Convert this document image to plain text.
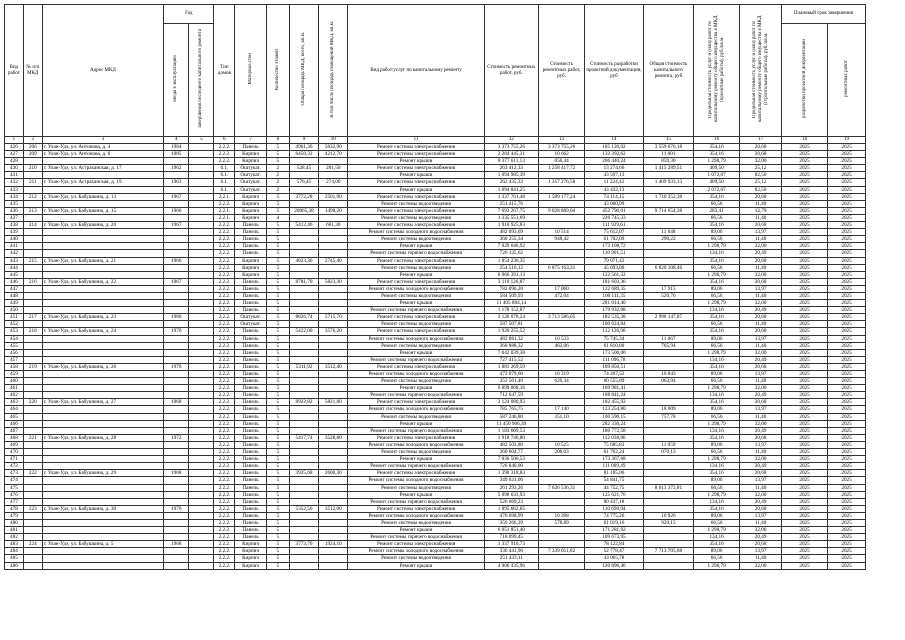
Вид работ	№ п/п МКД	Адрес МКД	Год		Тип домов	Материал стен	Количество этажей	Общая площадь МКД, всего, кв.м.	В том числе площадь помещений МКД, кв.м.	Вид работ/услуг по капитальному ремонту	Стоимость ремонтных работ, руб.	Стоимость ремонтных работ, руб.	Стоимость разработки проектной документации, руб	Общая стоимость капитального ремонта, руб	Предельная стоимость услуг и (или) работ по капитальному ремонту общего имущества в МКД (проектные работы), руб./кв.м.	Предельная стоимость услуг и (или) работ по капитальному ремонту общего имущества в МКД (строительные работы), руб./кв.м.	Плановый срок завершения	
			ввода в эксплуатацию	завершения последнего капитального ремонта													разработки проектной документации	ремонтных работ
1	2	3	4	5	6	7	8	9	10	11	12	13	14	15	16	17	18	19
426	206	г. Улан-Удэ, ул. Антонова, д. 4	1984		2.2.2.	Панель	5	4961,36	5632,90	Ремонт системы электроснабжения	3 373 755,26	3 373 755,26	185 120,92	3 559 076,18	354,16	20,68	2025	2025
427	209	г. Улан-Удэ, ул. Антонова, д. 6	1985		2.2.2.	Кирпич	5	6450,32	4212,70	Ремонт системы электроснабжения	2 284 445,31	10 662	132 392,62	11 001	354,16	20,68	2025	2025
428					2.2.2.	Кирпич	5			Ремонт крыши	8 377 611,13	056,44	206 440,24	859,30	1 298,79	32,00	2025	2025
430	210	г. Улан-Удэ, ул. Астраханская, д. 17	1962		6.1.	Оштукат.	2	528,45	261,50	Ремонт системы электроснабжения	263 412,33	1 258 417,72	13 274,66	1 415 289,51	409,50	25,12	2025	2025
431					6.1.	Оштукат.	2			Ремонт крыши	1 094 985,39		43 597,13		1 072,07	82,50	2025	2025
432	211	г. Улан-Удэ, ул. Астраханская, д. 19	1963		6.1.	Оштукат.	2	576,45	274,00	Ремонт системы электроснабжения	262 435,33	1 357 276,58	11 224,42	1 409 933,13	409,50	25,12	2025	2025
433					6.1.	Оштукат.	2			Ремонт крыши	1 094 841,25		43 432,13		2 072,07	82,50	2025	2025
434	212	г. Улан-Удэ, ул. Бабушкина, д. 13	1967		2.2.1.	Кирпич	5	3772,28	2561,90	Ремонт системы электроснабжения	1 337 761,48	1 589 177,24	74 114,15	1 710 352,38	354,16	20,68	2025	2025
435					2.2.2.	Кирпич	5			Ремонт системы водоотведения	251 415,76		43 060,99		66,56	11,40	2025	2025
436	213	г. Улан-Удэ, ул. Бабушкина, д. 15	1966		2.2.1.	Кирпич	5	20065,38	1498,20	Ремонт системы электроснабжения	7 693 267,75	9 028 889,04	452 790,01	9 714 654,38	283,41	12,79	2025	2025
437					2.2.1.	Кирпич	4			Ремонт системы водоотведения	1 335 551,69		226 745,33		66,56	11,40	2025	2025
438	214	г. Улан-Удэ, ул. Бабушкина, д. 20	1967		2.2.2.	Панель	5	5412,46	661,30	Ремонт системы электроснабжения	1 916 925,83		111 929,61		354,16	20,68	2025	2025
439					2.2.2.	Панель	5			Ремонт системы холодного водоснабжения	482 093,69	10 514	75 612,07	11 648	89,06	13,97	2025	2025
440					2.2.2.	Панель	5			Ремонт системы водоотведения	360 255,34	948,42	61 702,09	290,22	66,56	11,40	2025	2025
441					2.2.2.	Панель	5			Ремонт крыши	7 029 646,92		173 108,72		1 298,79	32,00	2025	2025
442					2.2.2.	Панель	5			Ремонт системы горячего водоснабжения	726 135,62		110 901,51		134,16	20,49	2025	2025
443	215	г. Улан-Удэ, ул. Бабушкина, д. 21	1966		2.2.2.	Кирпич	5	4823,36	2745,40	Ремонт системы электроснабжения	1 854 236,35		79 071,42		354,16	20,68	2025	2025
444					2.2.2.	Кирпич	5			Ремонт системы водоотведения	254 516,12	6 875 163,31	45 693,00	6 820 108,46	66,56	11,40	2025	2025
445					2.2.2.	Кирпич	5			Ремонт крыши	6 966 391,13		122 561,32		1 298,79	32,00	2025	2025
446	216	г. Улан-Удэ, ул. Бабушкина, д. 22	1967		2.2.2.	Панель	5	8781,70	5823,30	Ремонт системы электроснабжения	3 110 126,87		181 603,36		354,16	20,68	2025	2025
447					2.2.2.	Панель	5			Ремонт системы холодного водоснабжения	782 096,20	17 060	122 689,35	17 915	89,06	13,97	2025	2025
448					2.2.2.	Панель	5			Ремонт системы водоотведения	584 509,93	472,04	100 111,35	520,76	66,56	11,40	2025	2025
449					2.2.2.	Панель	5			Ремонт крыши	11 405 884,14		281 014,40		1 298,79	32,00	2025	2025
450					2.2.2.	Панель	5			Ремонт системы горячего водоснабжения	1 178 152,87		179 932,08		134,16	20,49	2025	2025
451	217	г. Улан-Удэ, ул. Бабушкина, д. 23	1980		2.2.2.	Оштукат.	5	8826,74	5715,70	Ремонт системы электроснабжения	3 126 078,24	3 713 586,05	182 535,38	2 998 147,87	354,16	20,68	2025	2025
452					2.2.2.	Оштукат.	5			Ремонт системы водоотведения	587 507,81		100 624,84		66,56	11,40	2025	2025
453	218	г. Улан-Удэ, ул. Бабушкина, д. 24	1970		2.2.2.	Панель	5	5422,00	3576,20	Ремонт системы электроснабжения	1 920 255,52		112 126,96		354,16	20,68	2025	2025
454					2.2.2.	Панель	5			Ремонт системы холодного водоснабжения	482 881,32	10 533	75 745,34	11 067	89,06	13,97	2025	2025
455					2.2.2.	Панель	5			Ремонт системы водоотведения	360 888,32	462,06	61 810,80	765,94	66,56	11,40	2025	2025
456					2.2.2.	Панель	5			Ремонт крыши	7 042 039,38		173 500,00		1 298,79	32,00	2025	2025
457					2.2.2.	Панель	5			Ремонт системы горячего водоснабжения	727 415,52		111 096,78		134,16	20,49	2025	2025
458	219	г. Улан-Удэ, ул. Бабушкина, д. 26	1970		2.2.2.	Панель	5	5311,92	3512,40	Ремонт системы электроснабжения	1 881 269,59		109 850,51		354,16	20,68	2025	2025
459					2.2.2.	Панель	5			Ремонт системы холодного водоснабжения	473 079,60	10 319	74 207,52	10 843	89,06	13,97	2025	2025
460					2.2.2.	Панель	5			Ремонт системы водоотведения	353 561,40	626,34	60 555,89	063,94	66,56	11,40	2025	2025
461					2.2.2.	Панель	5			Ремонт крыши	6 899 068,16		169 981,41		1 298,79	32,00	2025	2025
462					2.2.2.	Панель	5			Ремонт системы горячего водоснабжения	712 647,59		108 841,24		134,16	20,49	2025	2025
463	220	г. Улан-Удэ, ул. Бабушкина, д. 27	1968		2.2.2.	Панель	5	8922,82	5821,80	Ремонт системы электроснабжения	3 124 080,93		182 455,92		354,16	20,68	2025	2025
464					2.2.2.	Панель	5			Ремонт системы холодного водоснабжения	785 765,75	17 140	123 254,80	18 009	89,06	13,97	2025	2025
465					2.2.2.	Панель	5			Ремонт системы водоотведения	587 246,80	351,10	100 590,15	757,78	66,56	11,40	2025	2025
466					2.2.2.	Панель	5			Ремонт крыши	11 450 906,39		282 330,24		1 298,79	32,00	2025	2025
467					2.2.2.	Панель	5			Ремонт системы горячего водоснабжения	1 183 669,53		180 772,58		134,16	20,49	2025	2025
468	221	г. Улан-Удэ, ул. Бабушкина, д. 28	1972		2.2.2.	Панель	5	5417,74	3528,80	Ремонт системы электроснабжения	1 918 746,80		112 038,86		354,16	20,68	2025	2025
469					2.2.2.	Панель	5			Ремонт системы холодного водоснабжения	482 503,80	10 525	75 685,83	11 059	89,06	13,97	2025	2025
470					2.2.2.	Панель	5			Ремонт системы водоотведения	360 604,77	206,03	61 762,24	070,13	66,56	11,40	2025	2025
471					2.2.2.	Панель	5			Ремонт крыши	7 036 506,53		173 367,68		1 298,79	32,00	2025	2025
472					2.2.2.	Панель	5			Ремонт системы горячего водоснабжения	726 840,00		111 009,49		134,16	20,49	2025	2025
473	222	г. Улан-Удэ, ул. Бабушкина, д. 29	1968		2.2.2.	Панель	5	3925,68	2600,30	Ремонт системы электроснабжения	1 390 318,83		81 185,06		354,16	20,68	2025	2025
474					2.2.2.	Панель	5			Ремонт системы холодного водоснабжения	349 621,06		54 841,75		89,06	13,97	2025	2025
475					2.2.2.	Панель	5			Ремонт системы водоотведения	261 293,26	7 626 536,31	44 752,75	8 013 372,81	66,56	11,40	2025	2025
476					2.2.2.	Панель	5			Ремонт крыши	5 098 633,93		125 621,76		1 298,79	32,00	2025	2025
477					2.2.2.	Панель	5			Ремонт системы горячего водоснабжения	526 669,23		80 437,18		134,16	20,49	2025	2025
478	223	г. Улан-Удэ, ул. Бабушкина, д. 30	1970		2.2.2.	Панель	5	5352,56	3512,00	Ремонт системы электроснабжения	1 895 662,65		110 690,94		354,16	20,68	2025	2025
479					2.2.2.	Панель	5			Ремонт системы холодного водоснабжения	476 698,99	10 398	74 775,26	10 926	89,06	13,97	2025	2025
480					2.2.2.	Панель	5			Ремонт системы водоотведения	356 266,39	578,89	61 019,16	920,15	66,56	11,40	2025	2025
481					2.2.2.	Панель	5			Ремонт крыши	6 951 851,40		171 281,92		1 298,79	32,00	2025	2025
482					2.2.2.	Панель	5			Ремонт системы горячего водоснабжения	718 099,45		109 673,95		134,16	20,49	2025	2025
483	224	г. Улан-Удэ, ул. Бабушкина, д. 5	1968		2.2.2.	Кирпич	5	3773,70	1924,10	Ремонт системы электроснабжения	1 337 910,73		78 122,84		354,16	20,68	2025	2025
484					2.2.2.	Кирпич	5			Ремонт системы холодного водоснабжения	336 441,96	7 339 051,82	52 778,47	7 713 705,68	89,06	13,97	2025	2025
485					2.2.2.	Кирпич	5			Ремонт системы водоотведения	251 433,11		43 065,78		66,56	11,40	2025	2025
486					2.2.2.	Кирпич	5			Ремонт крыши	4 906 435,96		120 896,40		1 298,79	32,00	2025	2025
